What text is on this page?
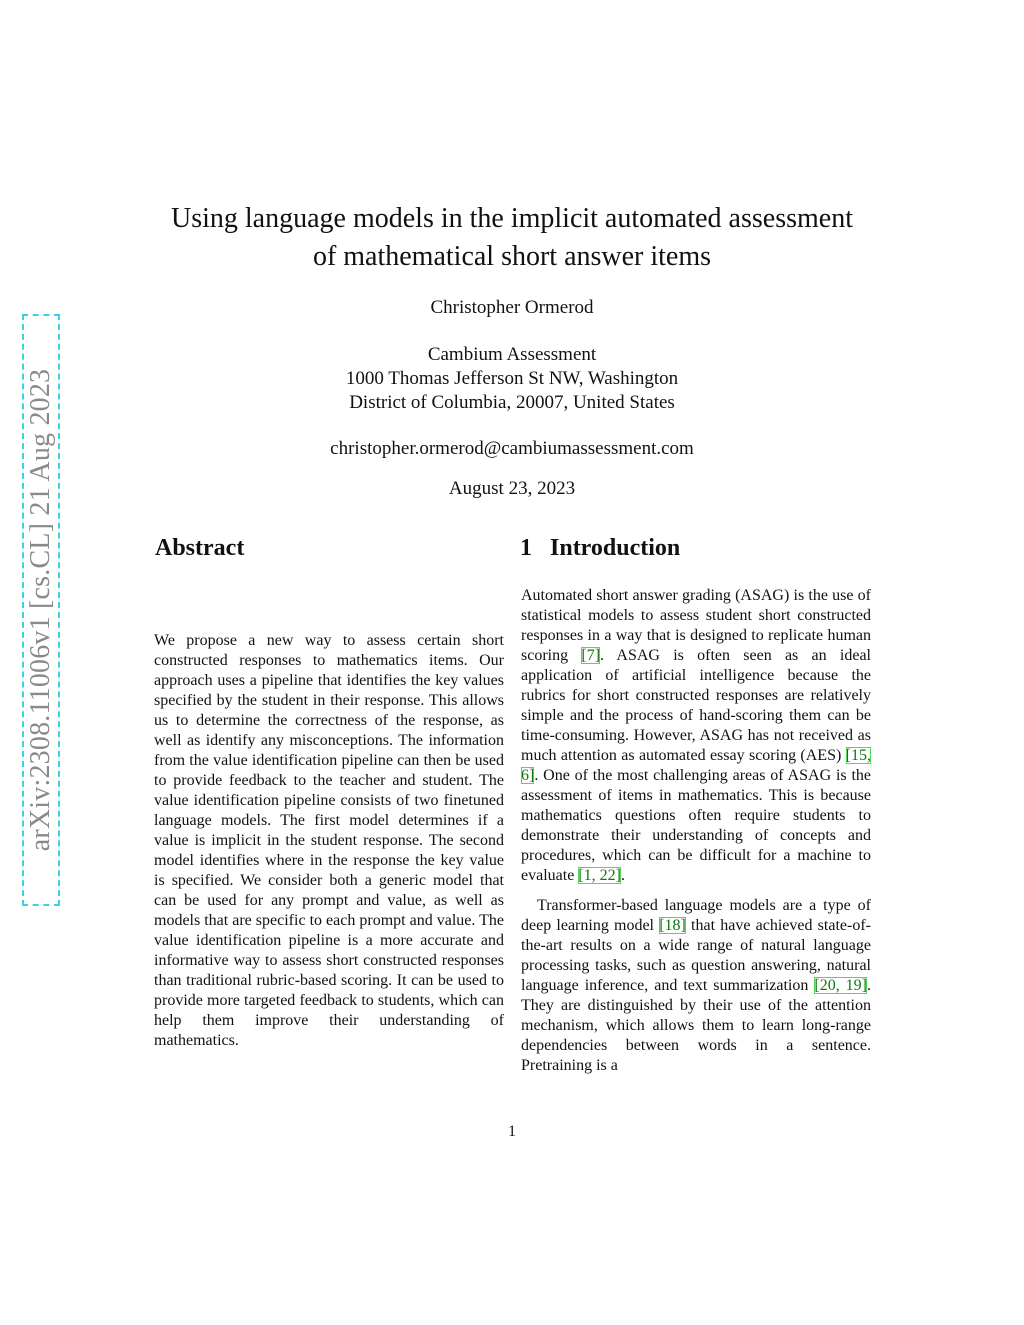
arXiv:2308.11006v1 [cs.CL] 21 Aug 2023
Using language models in the implicit automated assessment
of mathematical short answer items
Christopher Ormerod
Cambium Assessment
1000 Thomas Jefferson St NW, Washington
District of Columbia, 20007, United States
christopher.ormerod@cambiumassessment.com
August 23, 2023
Abstract

We propose a new way to assess certain short constructed responses to mathematics items. Our approach uses a pipeline that identifies the key values specified by the student in their response. This allows us to determine the correctness of the response, as well as identify any misconceptions. The information from the value identification pipeline can then be used to provide feedback to the teacher and student. The value identification pipeline consists of two finetuned language models. The first model determines if a value is implicit in the student response. The second model identifies where in the response the key value is specified. We consider both a generic model that can be used for any prompt and value, as well as models that are specific to each prompt and value. The value identification pipeline is a more accurate and informative way to assess short constructed responses than traditional rubric-based scoring. It can be used to provide more targeted feedback to students, which can help them improve their understanding of mathematics.

1   Introduction

Automated short answer grading (ASAG) is the use of statistical models to assess student short constructed responses in a way that is designed to replicate human scoring [7]. ASAG is often seen as an ideal application of artificial intelligence because the rubrics for short constructed responses are relatively simple and the process of hand-scoring them can be time-consuming. However, ASAG has not received as much attention as automated essay scoring (AES) [15, 6]. One of the most challenging areas of ASAG is the assessment of items in mathematics. This is because mathematics questions often require students to demonstrate their understanding of concepts and procedures, which can be difficult for a machine to evaluate [1, 22].

Transformer-based language models are a type of deep learning model [18] that have achieved state-of-the-art results on a wide range of natural language processing tasks, such as question answering, natural language inference, and text summarization [20, 19]. They are distinguished by their use of the attention mechanism, which allows them to learn long-range dependencies between words in a sentence. Pretraining is a

1
